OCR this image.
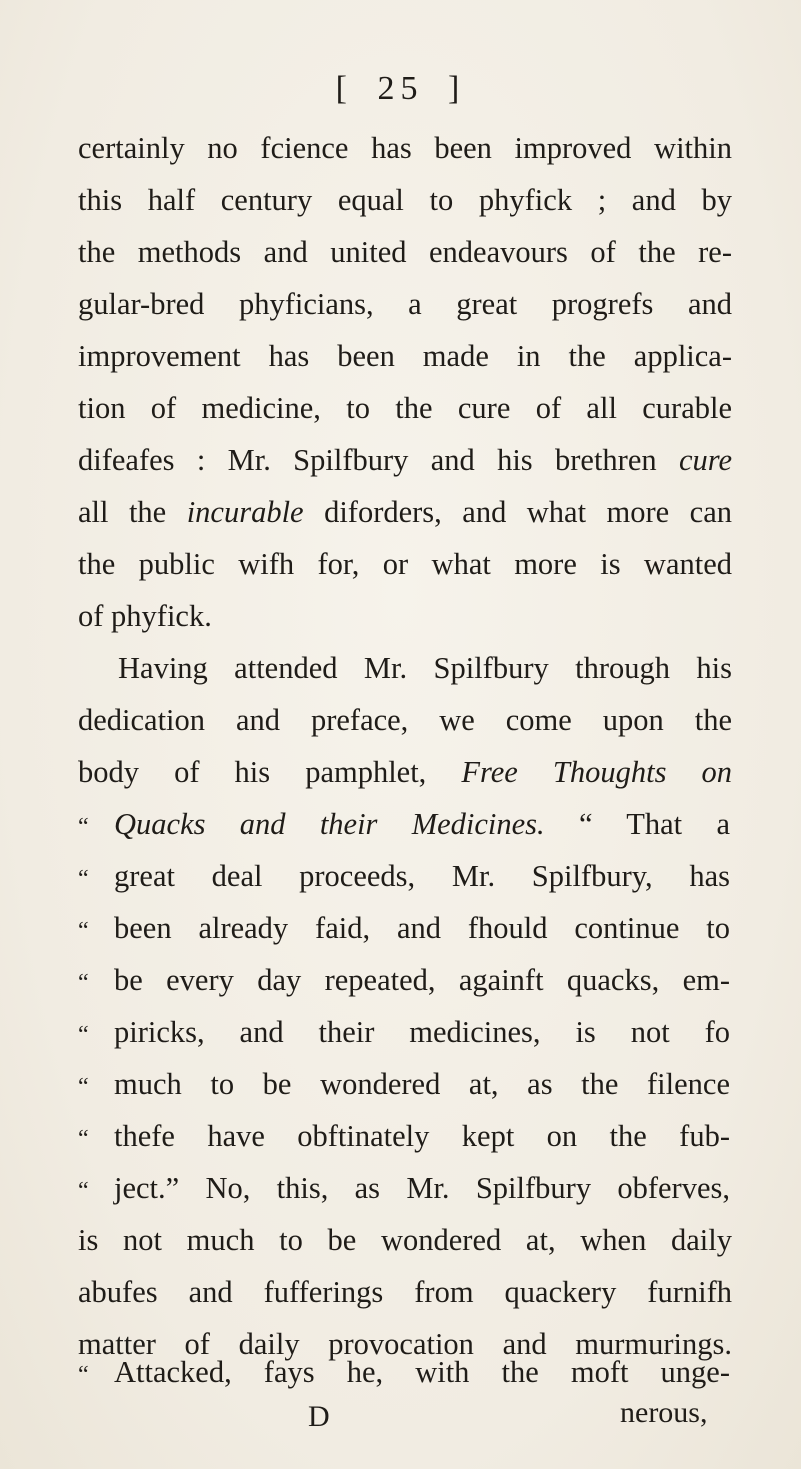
[ 25 ]
certainly no fcience has been improved within
this half century equal to phyfick ; and by
the methods and united endeavours of the re-
gular-bred phyficians, a great progrefs and
improvement has been made in the applica-
tion of medicine, to the cure of all curable
difeafes : Mr. Spilfbury and his brethren cure
all the incurable diforders, and what more can
the public wifh for, or what more is wanted
of phyfick.
Having attended Mr. Spilfbury through his
dedication and preface, we come upon the
body of his pamphlet, Free Thoughts on
“ Quacks and their Medicines. “ That a
“ great deal proceeds, Mr. Spilfbury, has
“ been already faid, and fhould continue to
“ be every day repeated, againft quacks, em-
“ piricks, and their medicines, is not fo
“ much to be wondered at, as the filence
“ thefe have obftinately kept on the fub-
“ ject.” No, this, as Mr. Spilfbury obferves,
is not much to be wondered at, when daily
abufes and fufferings from quackery furnifh
matter of daily provocation and murmurings.
“ Attacked, fays he, with the moft unge-
D	nerous,
